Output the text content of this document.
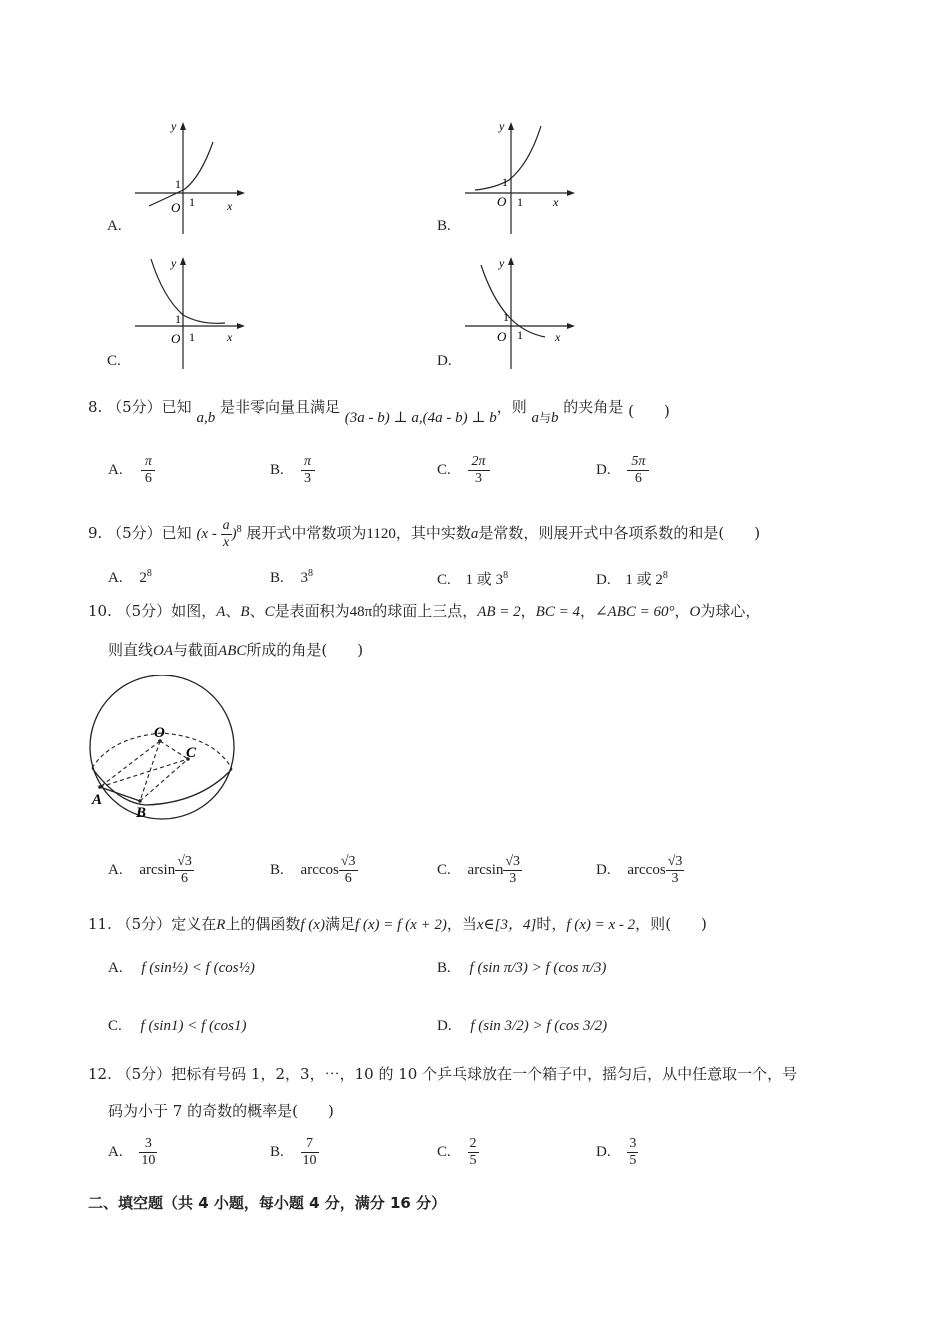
A.
y
x
O 1
1
B.
y
x
O 1
1
C.
y
x
O 1
1
D.
y
x
O 1
1
8. （5分）已知 a,b 是非零向量且满足 (3a - b) ⊥ a,(4a - b) ⊥ b，则 a与b 的夹角是 (　　)
A. $\frac{\pi}{6}$	B. $\frac{\pi}{3}$	C. $\frac{2\pi}{3}$	D. $\frac{5\pi}{6}$
9. （5分）已知 $(x - \frac{a}{x} )^8$ 展开式中常数项为1120，其中实数a是常数，则展开式中各项系数的和是(　　)
A. $2^8$	B. $3^8$	C. 1 或 $3^8$	D. 1 或 $2^8$
10. （5分）如图，A、B、C是表面积为48π的球面上三点，AB = 2，BC = 4，∠ABC = 60°，O为球心，
则直线OA与截面ABC所成的角是(　　)
O
C
A
B
A. $\arcsin \frac{√3}{6}$	B. $\arccos \frac{√3}{6}$	C. $\arcsin \frac{√3}{3}$	D. $\arccos \frac{√3}{3}$
11. （5分）定义在R上的偶函数f (x)满足f (x) = f (x + 2)，当x∈[3，4]时，f (x) = x - 2，则(　　)
A. f (sin½) < f (cos½)	B. f (sin π/3) > f (cos π/3)
C. f (sin1) < f (cos1)	D. f (sin 3/2) > f (cos 3/2)
12. （5分）把标有号码 1，2，3，⋯，10 的 10 个乒乓球放在一个箱子中，摇匀后，从中任意取一个，号
码为小于 7 的奇数的概率是(　　)
A. $\frac{3}{10}$	B. $\frac{7}{10}$	C. $\frac{2}{5}$	D. $\frac{3}{5}$
二、填空题（共 4 小题，每小题 4 分，满分 16 分）
